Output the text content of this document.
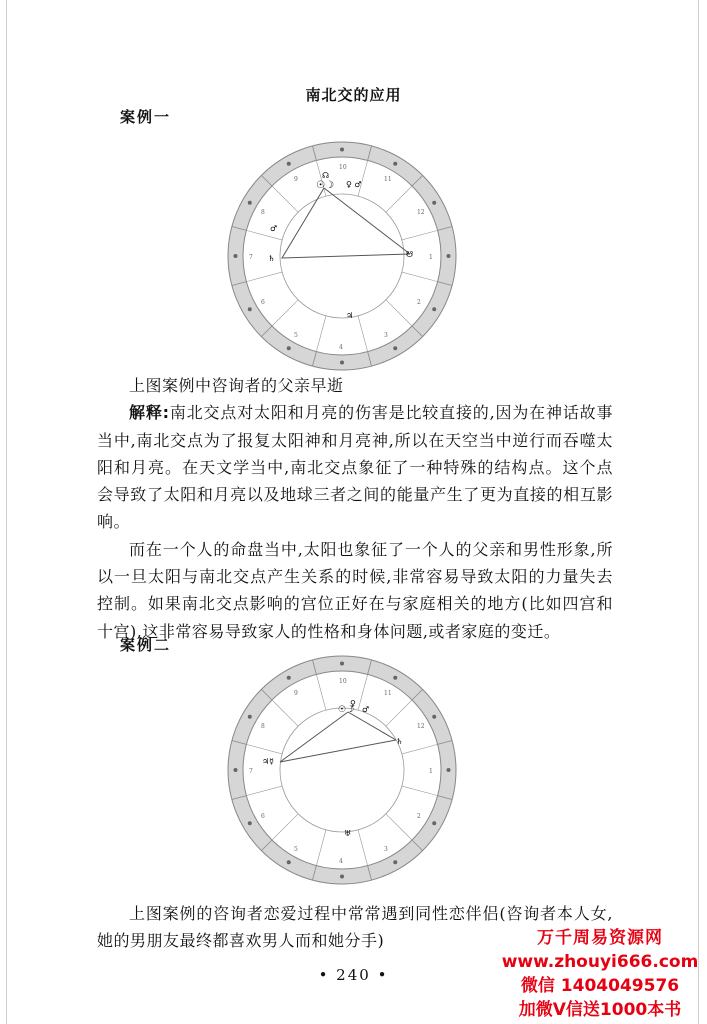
南北交的应用
案例一
10
11
12
1
2
3
4
5
6
7
8
9
☉☽
☊
♀ ♂
♂
♄	☋
♃

上图案例中咨询者的父亲早逝

解释:南北交点对太阳和月亮的伤害是比较直接的,因为在神话故事当中,南北交点为了报复太阳神和月亮神,所以在天空当中逆行而吞噬太阳和月亮。在天文学当中,南北交点象征了一种特殊的结构点。这个点会导致了太阳和月亮以及地球三者之间的能量产生了更为直接的相互影响。

而在一个人的命盘当中,太阳也象征了一个人的父亲和男性形象,所以一旦太阳与南北交点产生关系的时候,非常容易导致太阳的力量失去控制。如果南北交点影响的宫位正好在与家庭相关的地方(比如四宫和十宫),这非常容易导致家人的性格和身体问题,或者家庭的变迁。

案例二
10
11
12
1
2
3
4
5
6
7
8
9
☉☽
♀
♂
♃☿
♄
♅

上图案例的咨询者恋爱过程中常常遇到同性恋伴侣(咨询者本人女,她的男朋友最终都喜欢男人而和她分手)

• 240 •
万千周易资源网
www.zhouyi666.com
微信 1404049576
加微V信送1000本书
